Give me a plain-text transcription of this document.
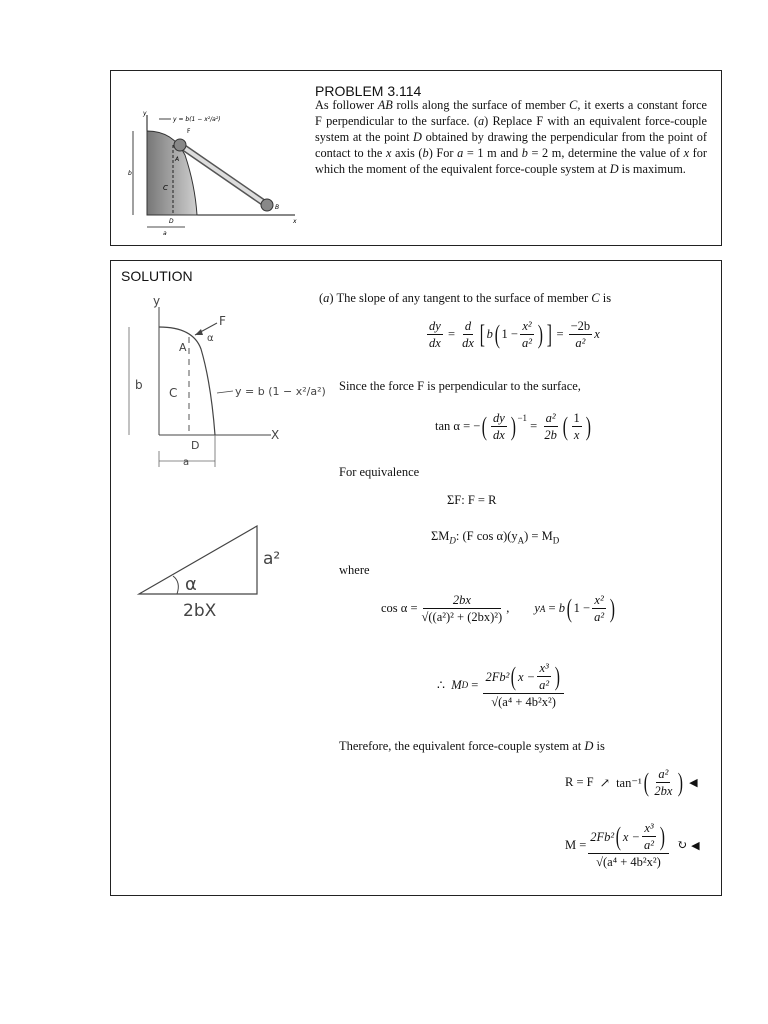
y
x
b
a
C
D
A
B
F
y = b(1 − x²/a²)
PROBLEM 3.114
As follower AB rolls along the surface of member C, it exerts a constant force F perpendicular to the surface. (a) Replace F with an equivalent force-couple system at the point D obtained by drawing the perpendicular from the point of contact to the x axis (b) For a = 1 m and b = 2 m, determine the value of x for which the moment of the equivalent force-couple system at D is maximum.
SOLUTION
y
F
α
A
b
C	y = b (1 − x²/a²)
D
X
a
α
a²
2bX
(a) The slope of any tangent to the surface of member C is
$\frac{dy}{dx} = \frac{d}{dx}$ [ b ( $1 - \frac{\text{x²}}{\text{a²}}$ ) ] = $\frac{-2b}{\text{a²}}$ x
Since the force F is perpendicular to the surface,
tan α = − ( $\frac{dy}{dx}$ ) −1
= $\frac{\text{a²}}{2b}$ ( $\frac{1}{x}$ )
For equivalence
ΣF: F = R
$\Sigma M_D$: (F $\cos \alpha)(y_A) = M_D$
where
$\cos \alpha = \frac{2bx}{\text{√((a²)² + (2bx)²)}}$ , y A = b ( $1 - \frac{\text{x²}}{\text{a²}}$ )
∴
M $D = \frac{2Fb^2 ( x - \frac{\text{x³}}{\text{a²}} )}{\text{√(a⁴ + 4b²x²)}}$
Therefore, the equivalent force-couple system at D is
R = F ↗ tan⁻¹ ( $\frac{\text{a²}}{2bx}$ ) ◀
$M = \frac{2Fb^2 ( x - \frac{\text{x³}}{\text{a²}} )}{\text{√(a⁴ + 4b²x²)}}$ ↻ ◀
